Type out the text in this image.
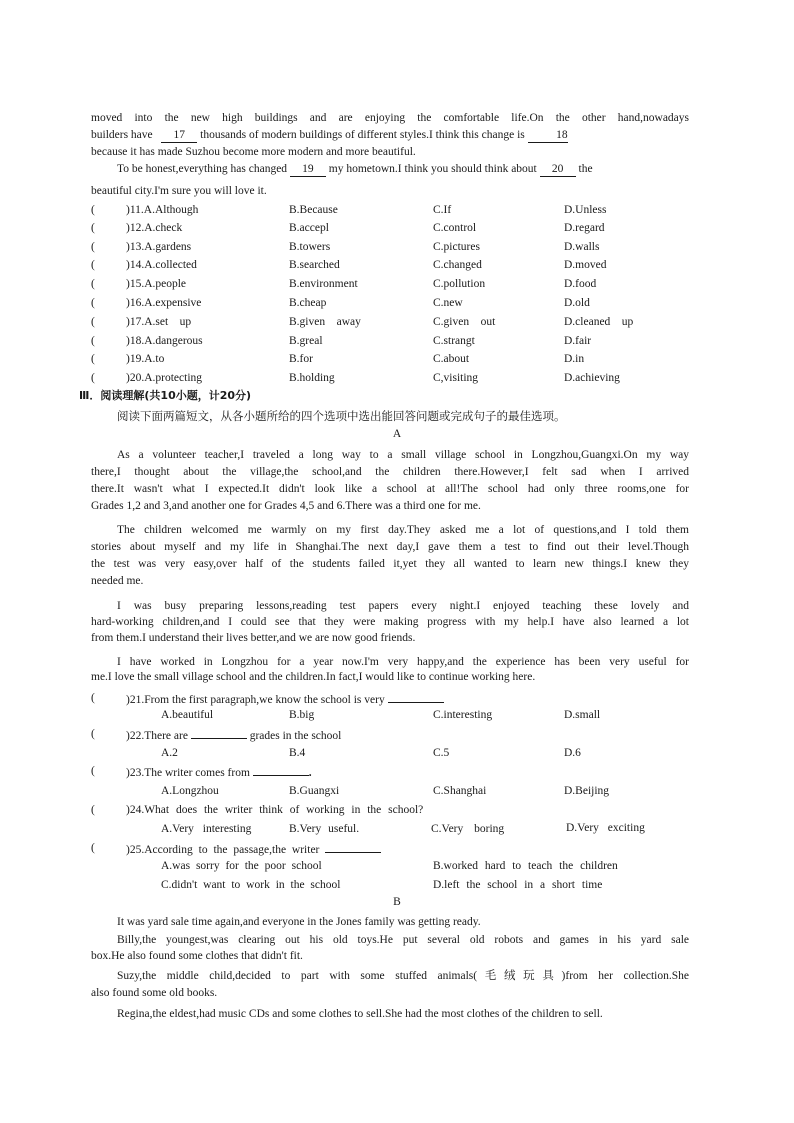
moved into the new high buildings and are enjoying the comfortable life.On the other hand,nowadays
builders have 17 thousands of modern buildings of different styles.I think this change is	18
because it has made Suzhou become more modern and more beautiful.
To be honest,everything has changed 19 my hometown.I think you should think about 20 the
beautiful city.I'm sure you will love it.
(	)11.A.Although	B.Because	C.If	D.Unless
(	)12.A.check	B.accepl	C.control	D.regard
(	)13.A.gardens	B.towers	C.pictures	D.walls
(	)14.A.collected	B.searched	C.changed	D.moved
(	)15.A.people	B.environment	C.pollution	D.food
(	)16.A.expensive	B.cheap	C.new	D.old
(	)17.A.set    up	B.given    away	C.given    out	D.cleaned    up
(	)18.A.dangerous	B.greal	C.strangt	D.fair
(	)19.A.to	B.for	C.about	D.in
(	)20.A.protecting	B.holding	C,visiting	D.achieving
Ⅲ．阅读理解(共10小题，计20分)
阅读下面两篇短文，从各小题所给的四个选项中选出能回答问题或完成句子的最佳选项。
A
As a volunteer teacher,I traveled a long way to a small village school in Longzhou,Guangxi.On my way
there,I thought about the village,the school,and the children there.However,I felt sad when I arrived
there.It wasn't what I expected.It didn't look like a school at all!The school had only three rooms,one for
Grades 1,2 and 3,and another one for Grades 4,5 and 6.There was a third one for me.
The children welcomed me warmly on my first day.They asked me a lot of questions,and I told them
stories about myself and my life in Shanghai.The next day,I gave them a test to find out their level.Though
the test was very easy,over half of the students failed it,yet they all wanted to learn new things.I knew they
needed me.
I was busy preparing lessons,reading test papers every night.I enjoyed teaching these lovely and
hard-working children,and I could see that they were making progress with my help.I have also learned a lot
from them.I understand their lives better,and we are now good friends.
I have worked in Longzhou for a year now.I'm very happy,and the experience has been very useful for
me.I love the small village school and the children.In fact,I would like to continue working here.
(	)21.From the first paragraph,we know the school is very
A.beautiful	B.big	C.interesting	D.small
(	)22.There are	grades in the school
A.2	B.4	C.5	D.6
(	)23.The writer comes from	.
A.Longzhou	B.Guangxi	C.Shanghai	D.Beijing
(	)24.What does the writer think of working in the school?
A.Very interesting	B.Very useful.	C.Very boring	D.Very exciting
(	)25.According to the passage,the writer
A.was sorry for the poor school	B.worked hard to teach the children
C.didn't want to work in the school	D.left the school in a short time
B
It was yard sale time again,and everyone in the Jones family was getting ready.
Billy,the youngest,was clearing out his old toys.He put several old robots and games in his yard sale
box.He also found some clothes that didn't fit.
Suzy,the middle child,decided to part with some stuffed animals(毛绒玩具)from her collection.She
also found some old books.
Regina,the eldest,had music CDs and some clothes to sell.She had the most clothes of the children to sell.
